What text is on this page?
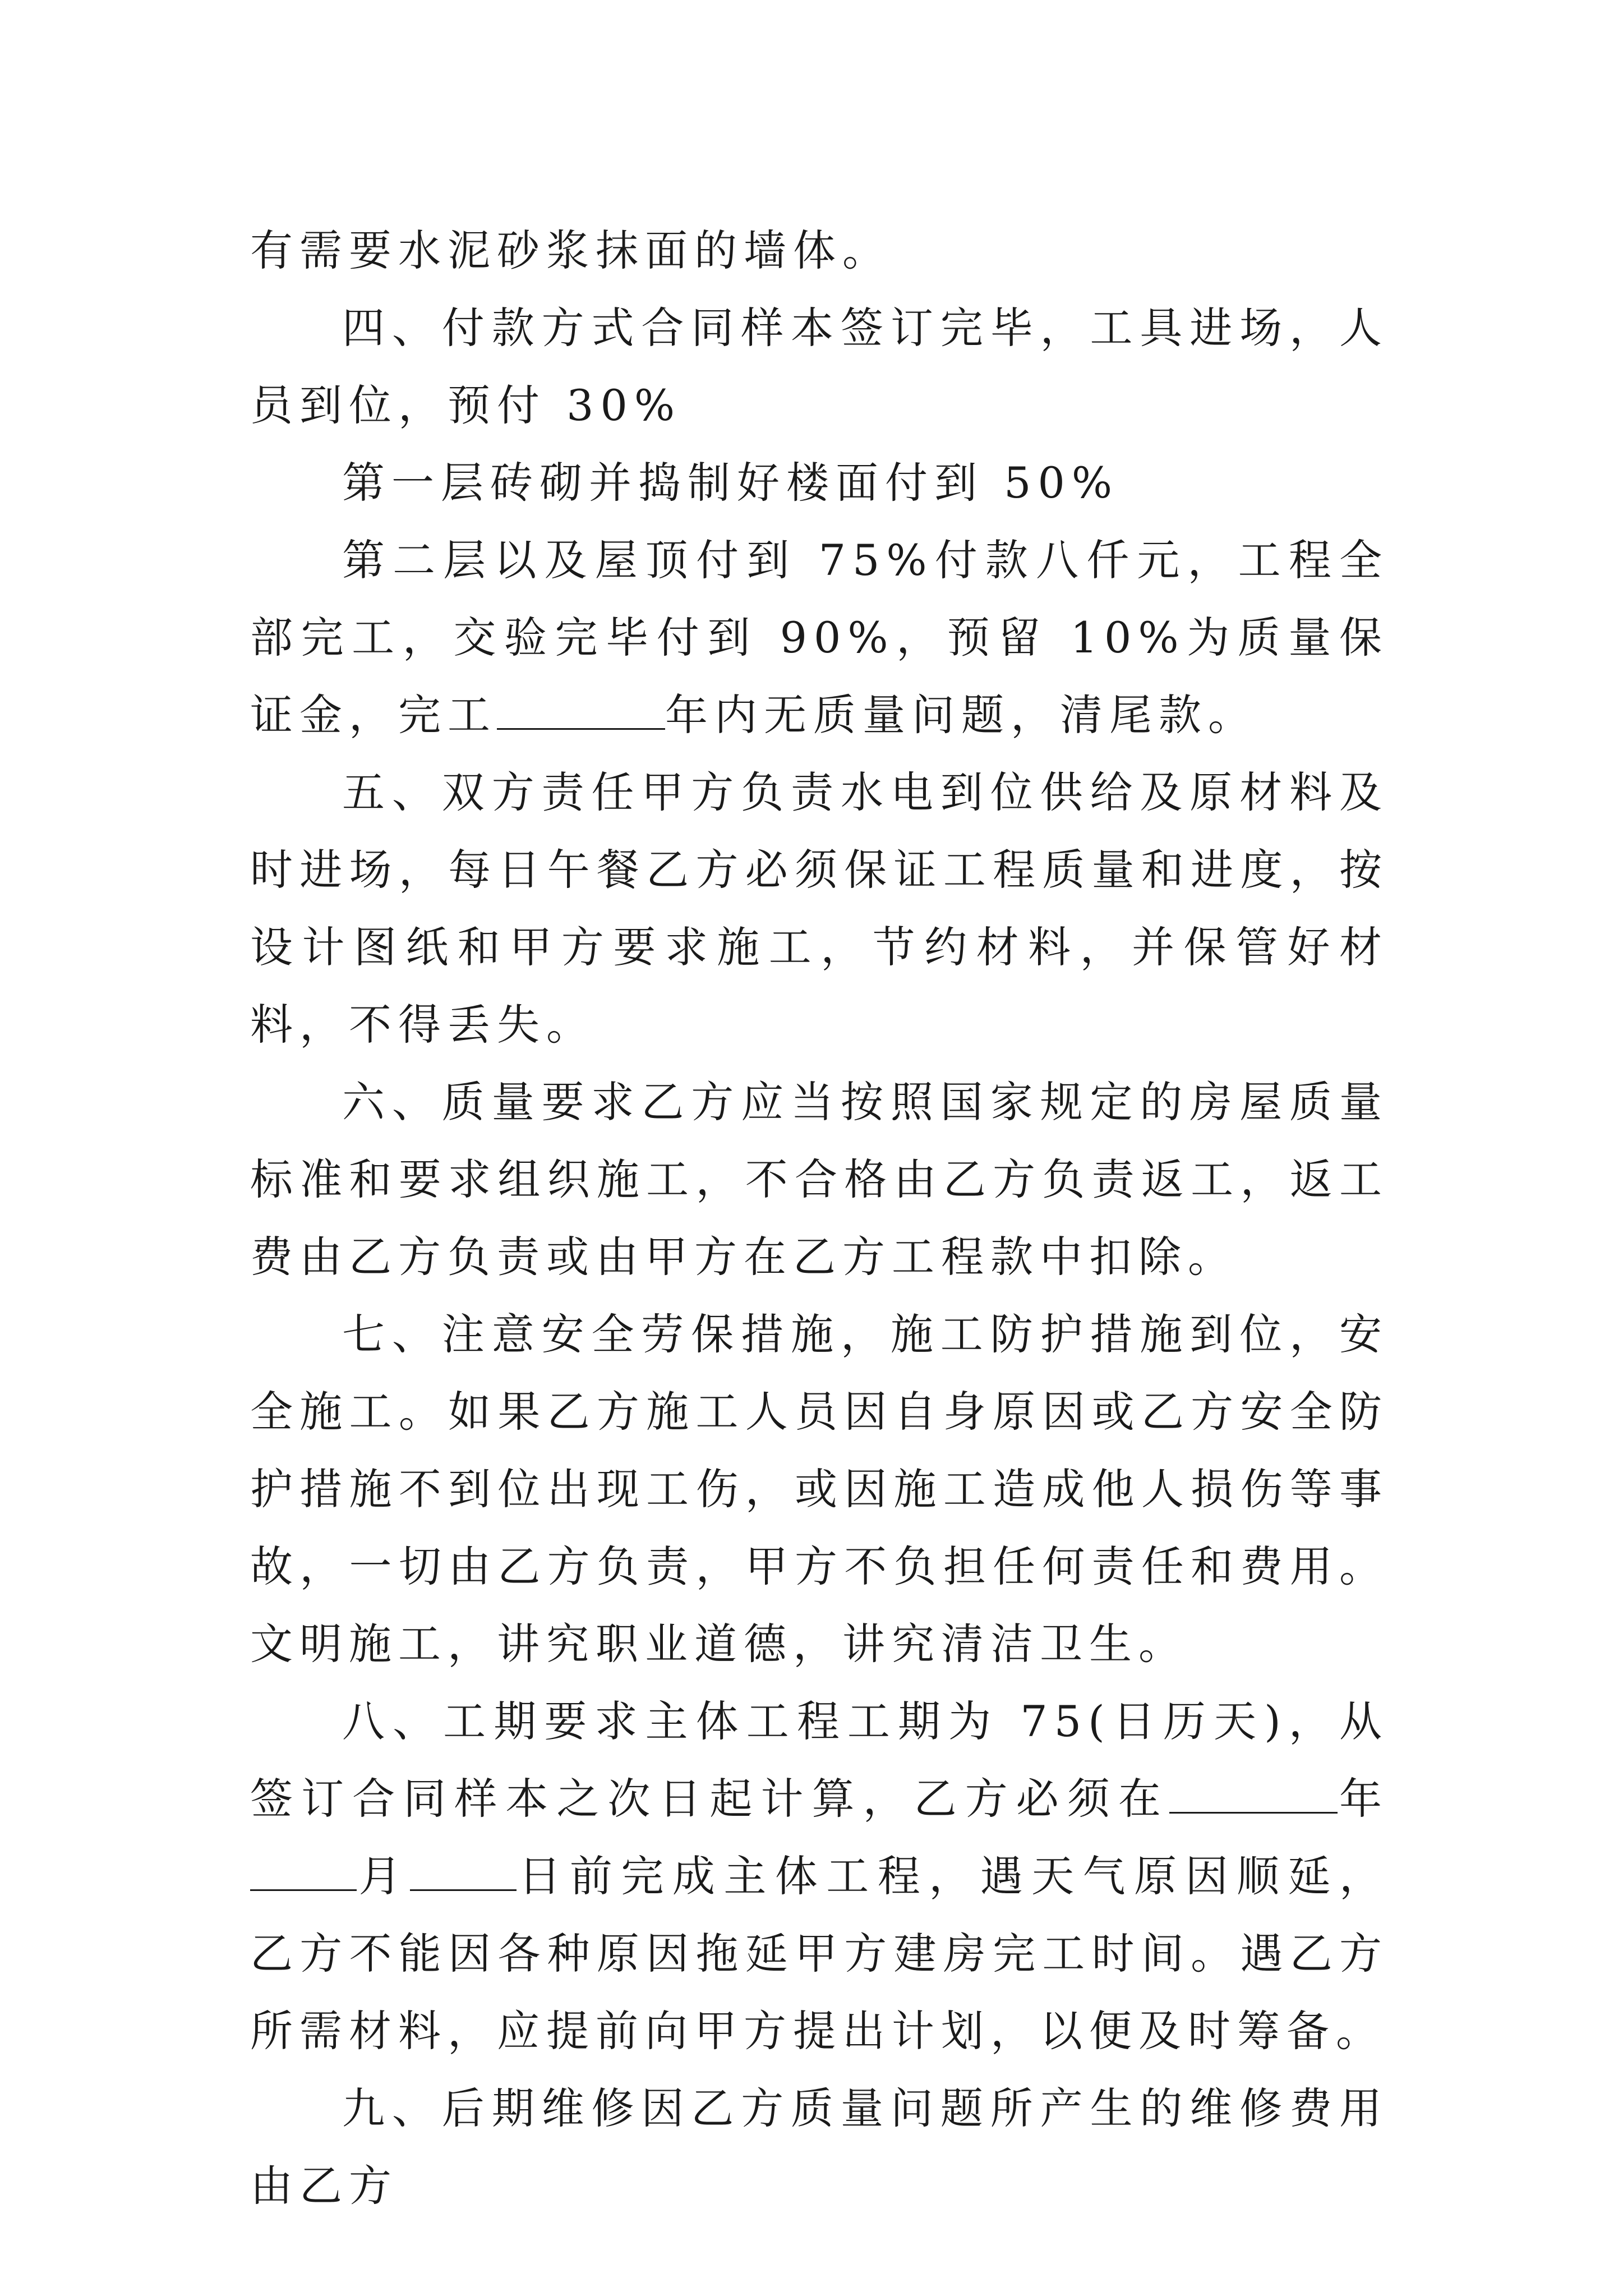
有需要水泥砂浆抹面的墙体。

四、付款方式合同样本签订完毕，工具进场，人员到位，预付 30%

第一层砖砌并捣制好楼面付到 50%

第二层以及屋顶付到 75%付款八仟元，工程全部完工，交验完毕付到 90%，预留 10%为质量保证金，完工	年内无质量问题，清尾款。

五、双方责任甲方负责水电到位供给及原材料及时进场，每日午餐乙方必须保证工程质量和进度，按设计图纸和甲方要求施工，节约材料，并保管好材料，不得丢失。

六、质量要求乙方应当按照国家规定的房屋质量标准和要求组织施工，不合格由乙方负责返工，返工费由乙方负责或由甲方在乙方工程款中扣除。

七、注意安全劳保措施，施工防护措施到位，安全施工。如果乙方施工人员因自身原因或乙方安全防护措施不到位出现工伤，或因施工造成他人损伤等事故，一切由乙方负责，甲方不负担任何责任和费用。文明施工，讲究职业道德，讲究清洁卫生。

八、工期要求主体工程工期为 75(日历天)，从签订合同样本之次日起计算，乙方必须在	年月	日前完成主体工程，遇天气原因顺延，乙方不能因各种原因拖延甲方建房完工时间。遇乙方所需材料，应提前向甲方提出计划，以便及时筹备。

九、后期维修因乙方质量问题所产生的维修费用由乙方
